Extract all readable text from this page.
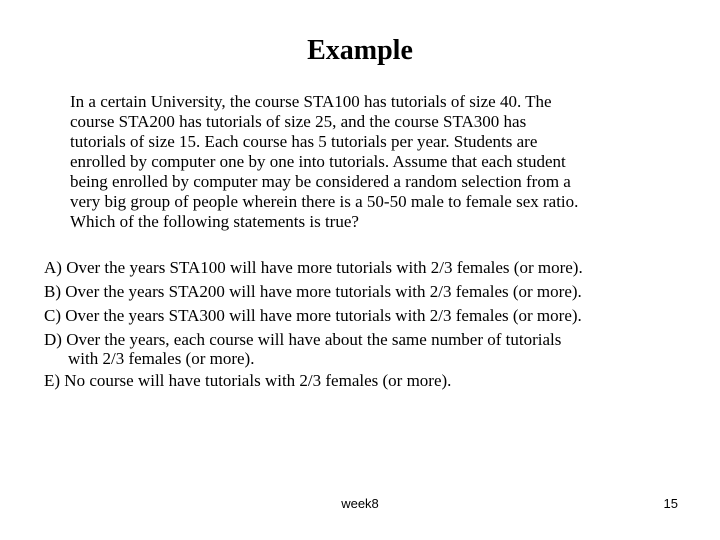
Example
In a certain University, the course STA100 has tutorials of size 40. The
course STA200 has tutorials of size 25, and the course STA300 has
tutorials of size 15. Each course has 5 tutorials per year. Students are
enrolled by computer one by one into tutorials. Assume that each student
being enrolled by computer may be considered a random selection from a
very big group of people wherein there is a 50-50 male to female sex ratio.
Which of the following statements is true?
A) Over the years STA100 will have more tutorials with 2/3 females (or more).
B) Over the years STA200 will have more tutorials with 2/3 females (or more).
C) Over the years STA300 will have more tutorials with 2/3 females (or more).
D) Over the years, each course will have about the same number of tutorials
with 2/3 females (or more).
E) No course will have tutorials with 2/3 females (or more).
week8	15
